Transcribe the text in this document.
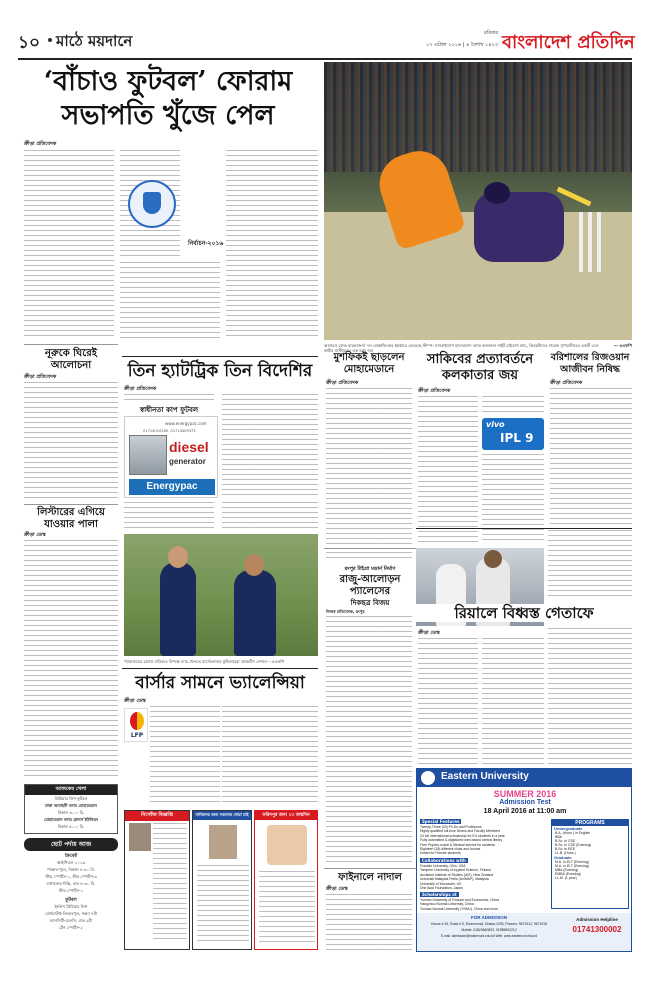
১০ মাঠে ময়দানে	রবিবার
১৭ এপ্রিল ২০১৬ | ৪ বৈশাখ ১৪২৩ বাংলাদেশ প্রতিদিন
‘বাঁচাও ফুটবল’ ফোরাম
সভাপতি খুঁজে পেল
ক্রীড়া প্রতিবেদক
নির্বাচন-২০১৬
নূরুকে ঘিরেই আলোচনা
ক্রীড়া প্রতিবেদক
লিস্টারের এগিয়ে যাওয়ার পালা
ক্রীড়া ডেস্ক
আজকের খেলা
প্রিমিয়ার লিগ ফুটবল
ঢাকা আবাহনী বনাম মোহামেডান
বিকাল ৩.০০ মি.
মোহামেডান বনাম ব্রাদার্স ইউনিয়ন
বিকাল ৫.০০ মি.
ছোট পর্দায় আজ
ক্রিকেট
আইপিএল ২০১৬
পাঞ্জাব-পুনে, বিকাল ৪-৩০ মি.
স্টার স্পোর্টস-১, স্টার স্পোর্টস-৩
বাঙ্গালোর-দিল্লি, রাত ৮-৩০ মি.
স্টার স্পোর্টস-১
ফুটবল
ইংলিশ প্রিমিয়ার লিগ
বোর্নমাউথ-লিভারপুল, সন্ধ্যা ৭টা
ম্যানসিটি-চেলসি, রাত ৯টা
টেন স্পোর্টস-২
আবারও বোল্ড হারভাজন! দল মোস্তাফিজের ইয়র্কারে ভেঙেছে স্টাম্প। সানরাইজার্স হায়দরাবাদ বনাম কলকাতা নাইট রাইডার্স ম্যাচ, ক্রিকেটাদের সাবেক সুপারস্টারের একটি এবং কাটার মাস্টারদের এক ম্যাচ জয়
— এএফপি
তিন হ্যাটট্রিক তিন বিদেশির
ক্রীড়া প্রতিবেদক
স্বাধীনতা কাপ ফুটবল
www.energypac.com
01714010265, 01714409373
diesel
generator
Energypac
প্যারাগুয়ের রয়্যাল মাদ্রিদের বিপক্ষে ম্যাচ খেলতে বার্সেলোনার ফুটবলাররা প্র্যাকটিস সেশনে – এএফপি
বার্সার সামনে ভ্যালেন্সিয়া
ক্রীড়া ডেস্ক
LFP
নিখোঁজ বিজ্ঞপ্তি	সাজিদের জন্য সকলের দোয়া চাই	ফরিদপুর জন্য ১৩ জন্মদিন
মুশফিকই ছাড়লেন
মোহামেডানে
ক্রীড়া প্রতিবেদক
সাকিবের প্রত্যাবর্তনে
কলকাতার জয়
ক্রীড়া প্রতিবেদক
vivo
IPL 9
বরিশালের রিজওয়ান
আজীবন নিষিদ্ধ
ক্রীড়া প্রতিবেদক
ক্রীড়া ডেস্ক
রংপুর টাইগ্রা মডার্ন নির্মাণ
রাজু-আলোড়ন
প্যালেসের
দিকছত্র বিজয়
নিজস্ব প্রতিবেদক, রংপুর	রিয়ালে বিধ্বস্ত গেতাফে
ফাইনালে নাদাল
ক্রীড়া ডেস্ক
Eastern University
SUMMER 2016
Admission Test
18 April 2016 at 11:00 am
Special Features
Twenty-Three (23) Ph.Ds and Professors
Highly qualified full-time Deans and Faculty Members
24 full international scholarship for EU students in a year
Fully automated & digitalized web-based central library
Free Psycho-social & Medical service for students
Eighteen (18) different clubs and forums
Hostel for Female students
Collaborations with
Franklin University, Ohio, USA
Tampere University of Applied Science, Finland
Auckland Institute of Studies (AIS), New Zealand
Universiti Malaysia Perlis (UniMAP), Malaysia
University of Worcester, UK
One Asia Foundation, Japan
Scholarships at
Yunnan University of Finance and Economics, China
Hangzhou Normal University, China
Yunnan Normal University (YNNU), China and more.
PROGRAMS
Undergraduate
B.A. (Hons.) in English
BBA
B.Sc. in CSE
B.Sc. in CSE (Evening)
B.Sc. in EEE
LL.B. (Hons.)
Graduate
M.A. in ELT (Evening)
M.A. in ELT (Evening)
MBA (Evening)
EMBA (Evening)
LL.M. (1 year)
FOR ADMISSION
House # 26, Road # 5, Dhanmondi, Dhaka-1205, Phones: 9671912, 9671915
Mobile: 01823660833, 01985892212
E-mail: admission@easternuni.edu.bd Web: www.easternuni.edu.bd
Admission Helpline
01741300002
